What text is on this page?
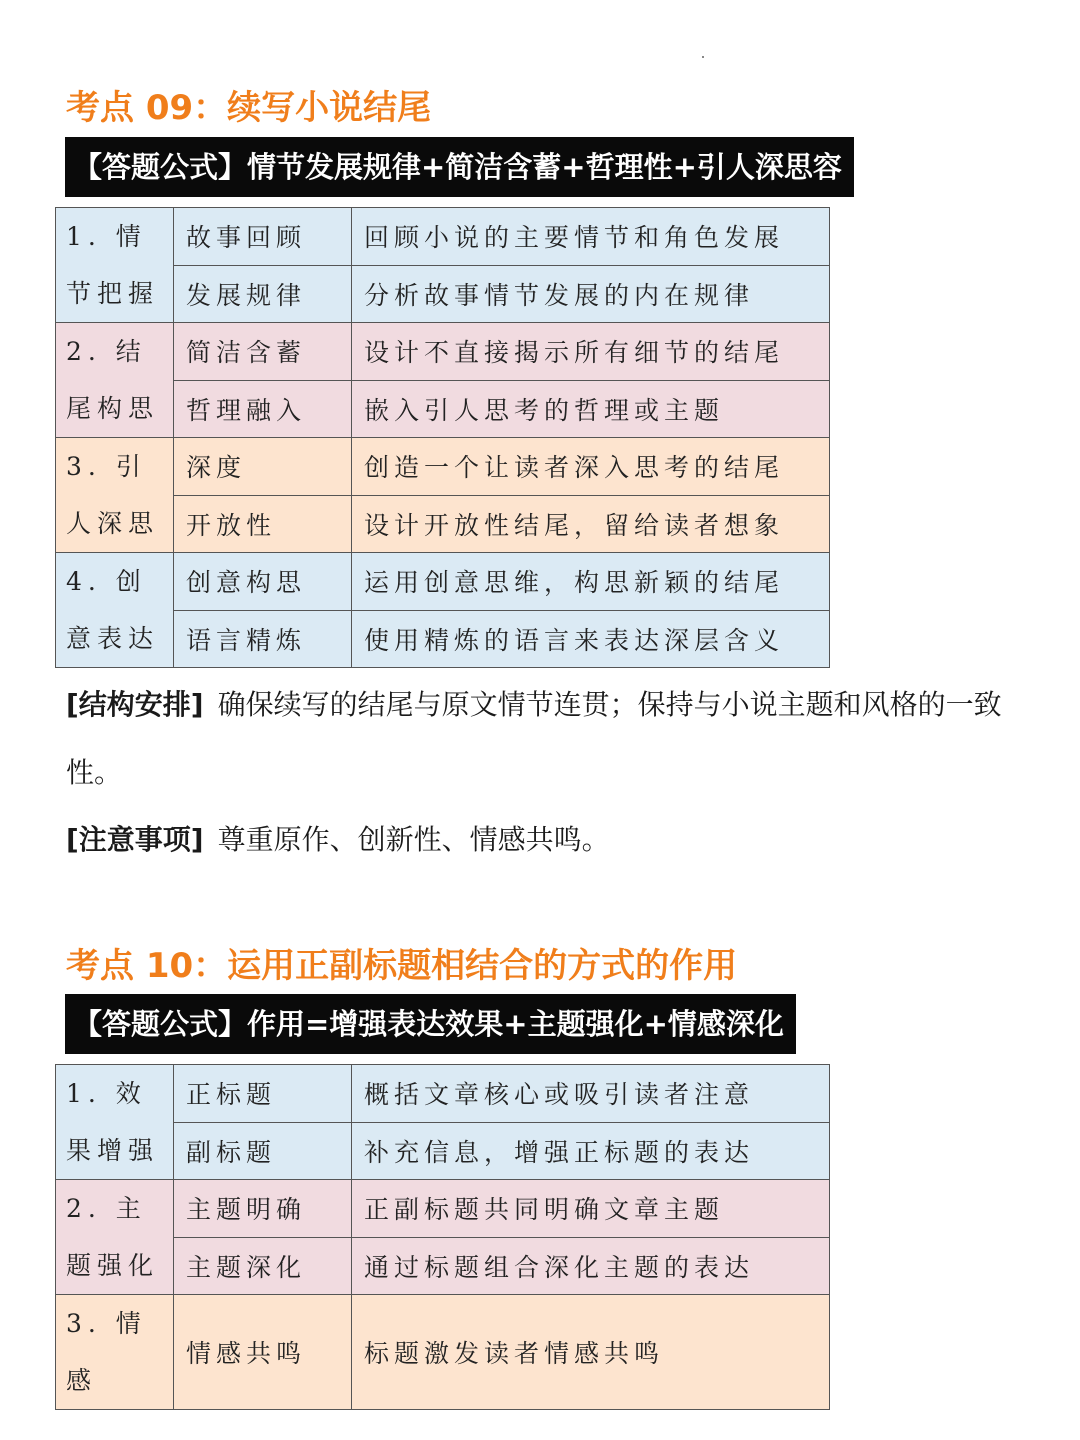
考点 09：续写小说结尾
【答题公式】情节发展规律+简洁含蓄+哲理性+引人深思容
1. 情节把握	故事回顾	回顾小说的主要情节和角色发展
	发展规律	分析故事情节发展的内在规律
2. 结尾构思	简洁含蓄	设计不直接揭示所有细节的结尾
	哲理融入	嵌入引人思考的哲理或主题
3. 引人深思	深度	创造一个让读者深入思考的结尾
	开放性	设计开放性结尾，留给读者想象
4. 创意表达	创意构思	运用创意思维，构思新颖的结尾
	语言精炼	使用精炼的语言来表达深层含义

[结构安排] 确保续写的结尾与原文情节连贯；保持与小说主题和风格的一致性。

[注意事项] 尊重原作、创新性、情感共鸣。

考点 10：运用正副标题相结合的方式的作用
【答题公式】作用=增强表达效果+主题强化+情感深化
1. 效果增强	正标题	概括文章核心或吸引读者注意
	副标题	补充信息，增强正标题的表达
2. 主题强化	主题明确	正副标题共同明确文章主题
	主题深化	通过标题组合深化主题的表达
3. 情感	情感共鸣	标题激发读者情感共鸣
